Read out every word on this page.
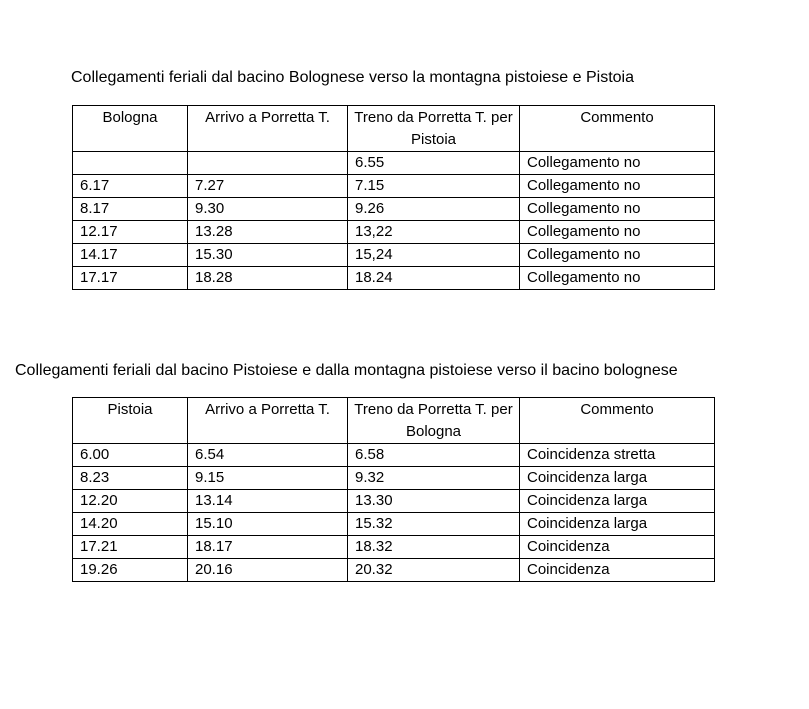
Collegamenti feriali dal bacino Bolognese verso la montagna pistoiese e Pistoia
Bologna	Arrivo a Porretta T.	Treno da Porretta T. per Pistoia	Commento
		6.55	Collegamento no
6.17	7.27	7.15	Collegamento no
8.17	9.30	9.26	Collegamento no
12.17	13.28	13,22	Collegamento no
14.17	15.30	15,24	Collegamento no
17.17	18.28	18.24	Collegamento no
Collegamenti feriali dal bacino Pistoiese e dalla montagna pistoiese verso il bacino bolognese
Pistoia	Arrivo a Porretta T.	Treno da Porretta T. per Bologna	Commento
6.00	6.54	6.58	Coincidenza stretta
8.23	9.15	9.32	Coincidenza larga
12.20	13.14	13.30	Coincidenza larga
14.20	15.10	15.32	Coincidenza larga
17.21	18.17	18.32	Coincidenza
19.26	20.16	20.32	Coincidenza
